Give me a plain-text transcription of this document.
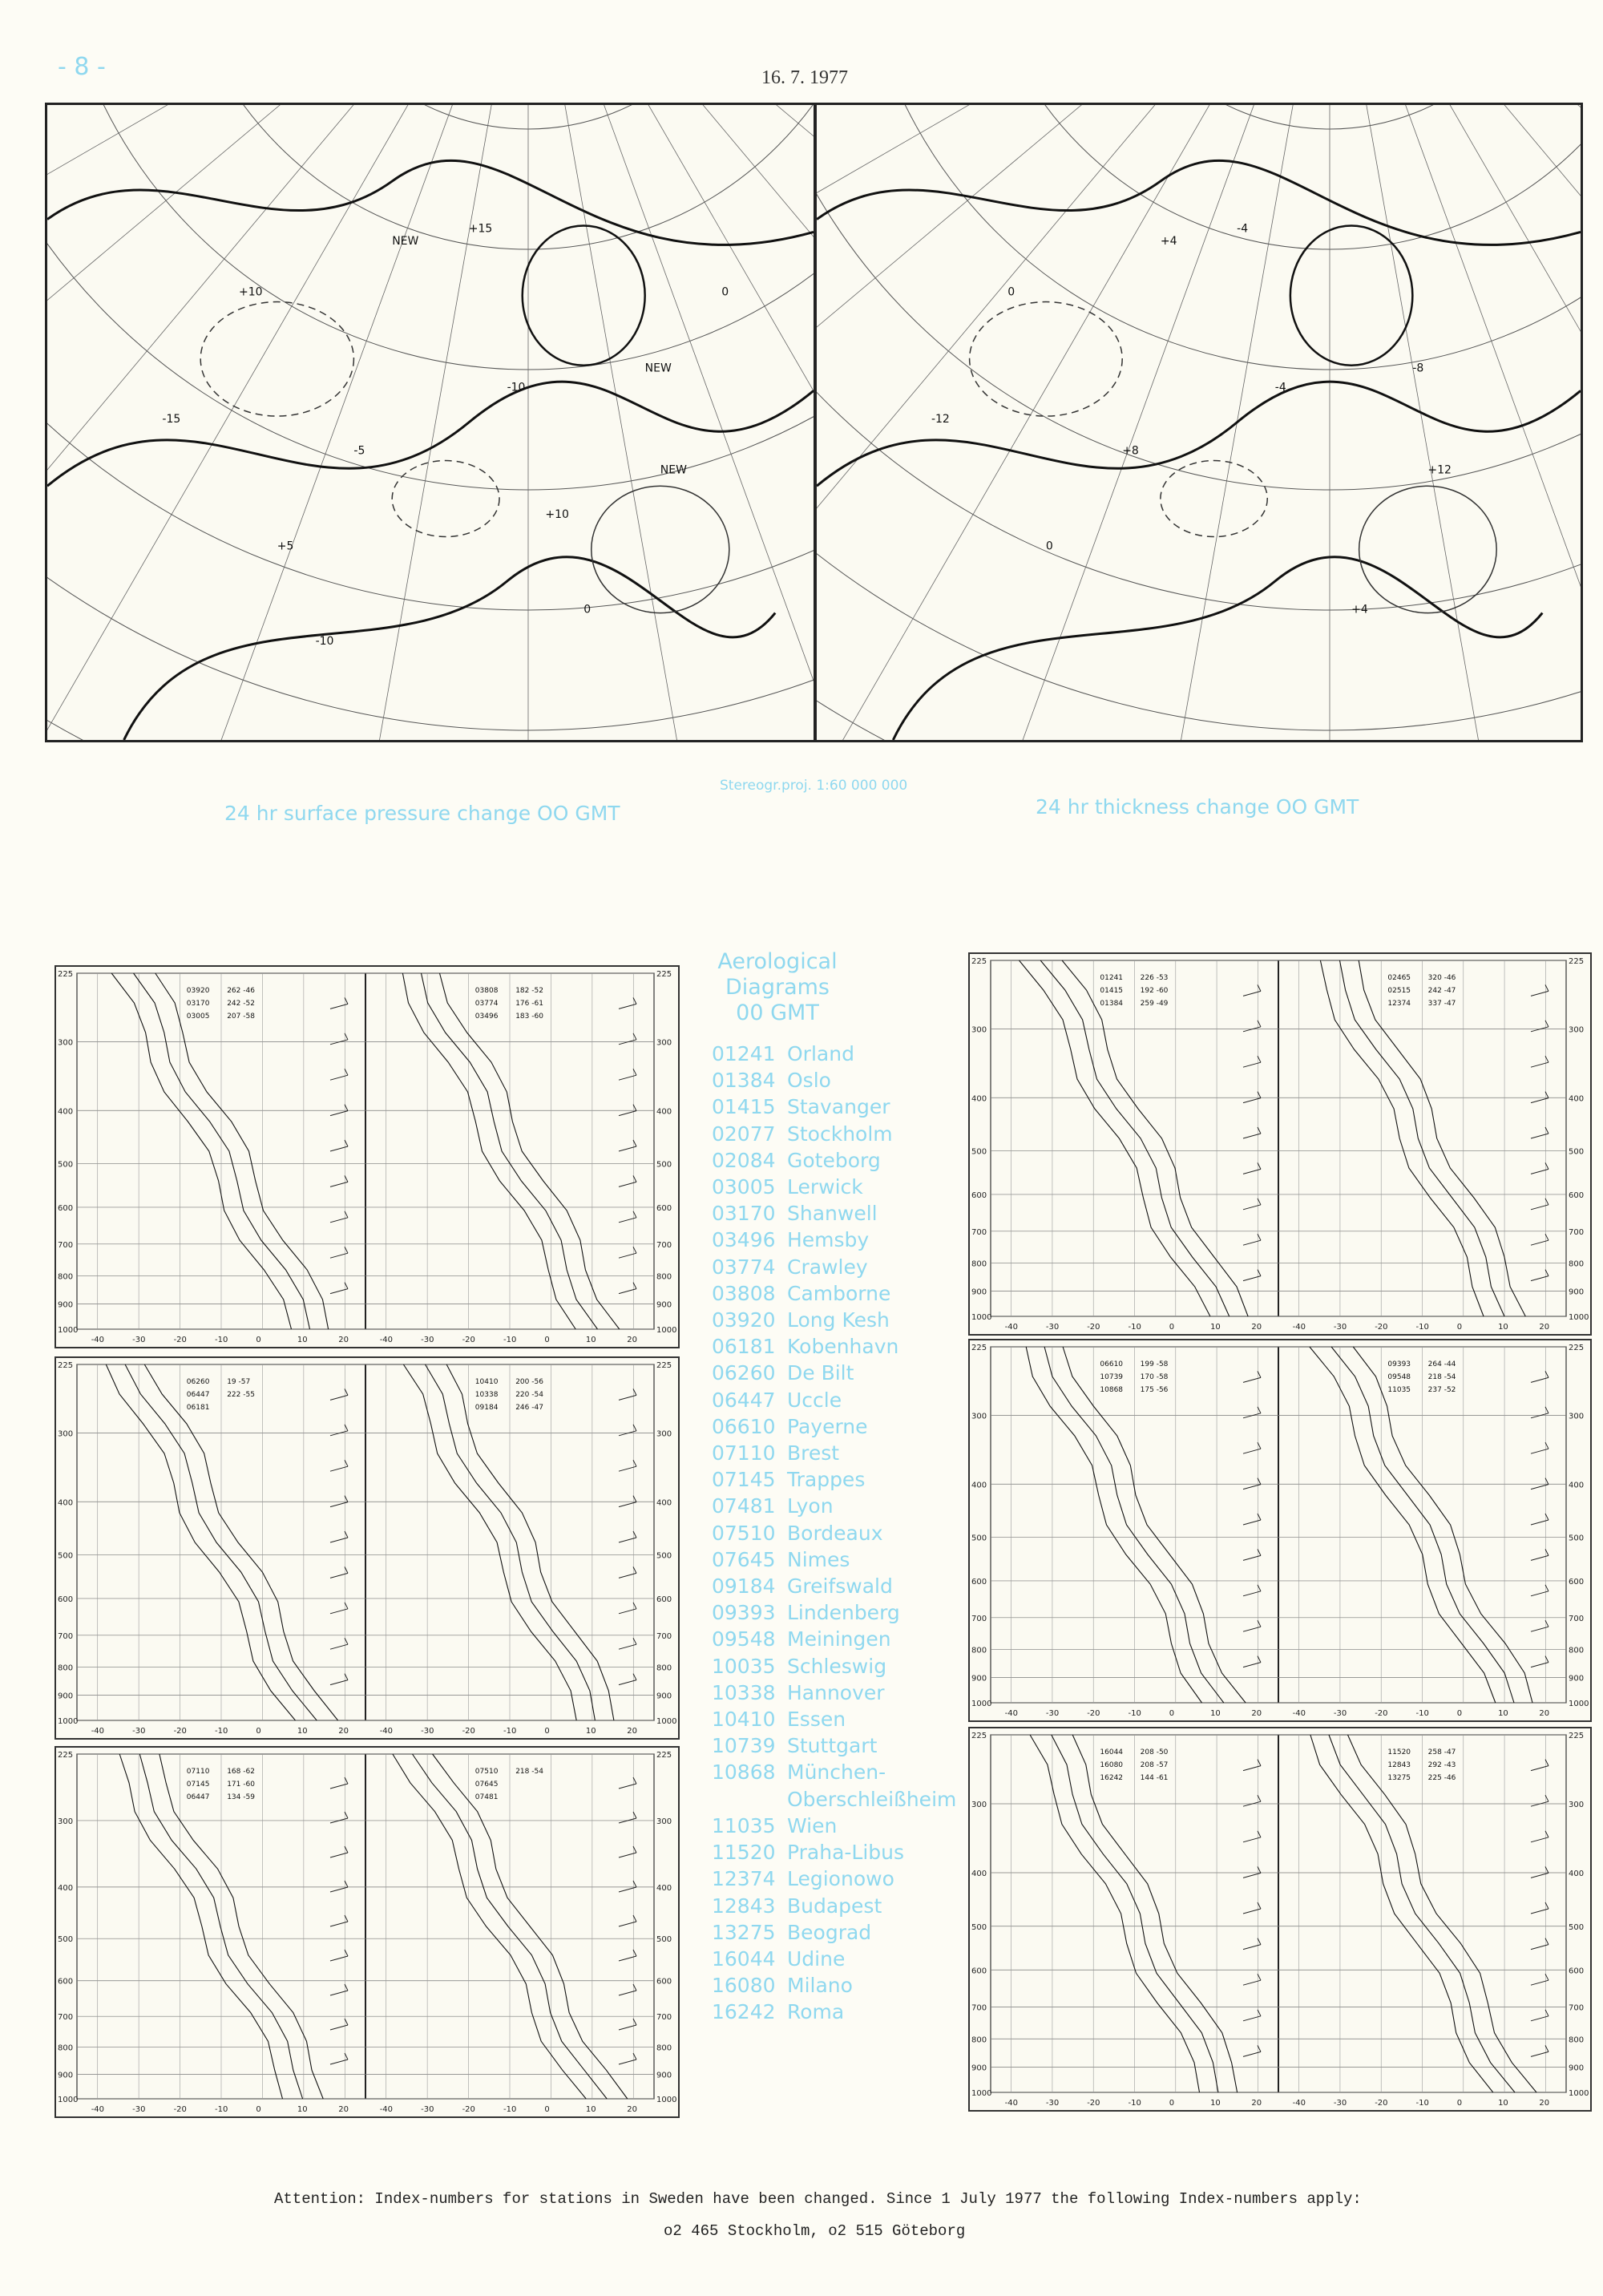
- 8 -	16. 7. 1977
NEW
NEW
NEW
+10
-10
-5
-15
+5
0
+15
0
-10
+10
+4
-8
+12
0
-4
+8
-12
0
+4
-4
Stereogr.proj. 1:60 000 000
24 hr surface pressure change OO GMT	24 hr thickness change OO GMT
Aerological
Diagrams
00 GMT
01241 Orland
01384 Oslo
01415 Stavanger
02077 Stockholm
02084 Goteborg
03005 Lerwick
03170 Shanwell
03496 Hemsby
03774 Crawley
03808 Camborne
03920 Long Kesh
06181 Kobenhavn
06260 De Bilt
06447 Uccle
06610 Payerne
07110 Brest
07145 Trappes
07481 Lyon
07510 Bordeaux
07645 Nimes
09184 Greifswald
09393 Lindenberg
09548 Meiningen
10035 Schleswig
10338 Hannover
10410 Essen
10739 Stuttgart
10868 München-
Oberschleißheim
11035 Wien
11520 Praha-Libus
12374 Legionowo
12843 Budapest
13275 Beograd
16044 Udine
16080 Milano
16242 Roma
225	225
300	300
400	400
500	500
600	600
700	700
800	800
900	900
1000	1000
-40	-30	-20	-10	0	10	20
03920 262 -46
03170 242 -52
03005 207 -58
-40	-30	-20	-10	0	10	20
03808 182 -52
03774 176 -61
03496 183 -60
225	225
300	300
400	400
500	500
600	600
700	700
800	800
900	900
1000	1000
-40	-30	-20	-10	0	10	20
06260 19 -57
06447 222 -55
06181
-40	-30	-20	-10	0	10	20
10410 200 -56
10338 220 -54
09184 246 -47
225	225
300	300
400	400
500	500
600	600
700	700
800	800
900	900
1000	1000
-40	-30	-20	-10	0	10	20
07110 168 -62
07145 171 -60
06447 134 -59
-40	-30	-20	-10	0	10	20
07510 218 -54
07645
07481
225	225
300	300
400	400
500	500
600	600
700	700
800	800
900	900
1000	1000
-40	-30	-20	-10	0	10	20
01241 226 -53
01415 192 -60
01384 259 -49
-40	-30	-20	-10	0	10	20
02465 320 -46
02515 242 -47
12374 337 -47
225	225
300	300
400	400
500	500
600	600
700	700
800	800
900	900
1000	1000
-40	-30	-20	-10	0	10	20
06610 199 -58
10739 170 -58
10868 175 -56
-40	-30	-20	-10	0	10	20
09393 264 -44
09548 218 -54
11035 237 -52
225	225
300	300
400	400
500	500
600	600
700	700
800	800
900	900
1000	1000
-40	-30	-20	-10	0	10	20
16044 208 -50
16080 208 -57
16242 144 -61
-40	-30	-20	-10	0	10	20
11520 258 -47
12843 292 -43
13275 225 -46
Attention: Index-numbers for stations in Sweden have been changed. Since 1 July 1977 the following Index-numbers apply:
o2 465 Stockholm, o2 515 Göteborg
